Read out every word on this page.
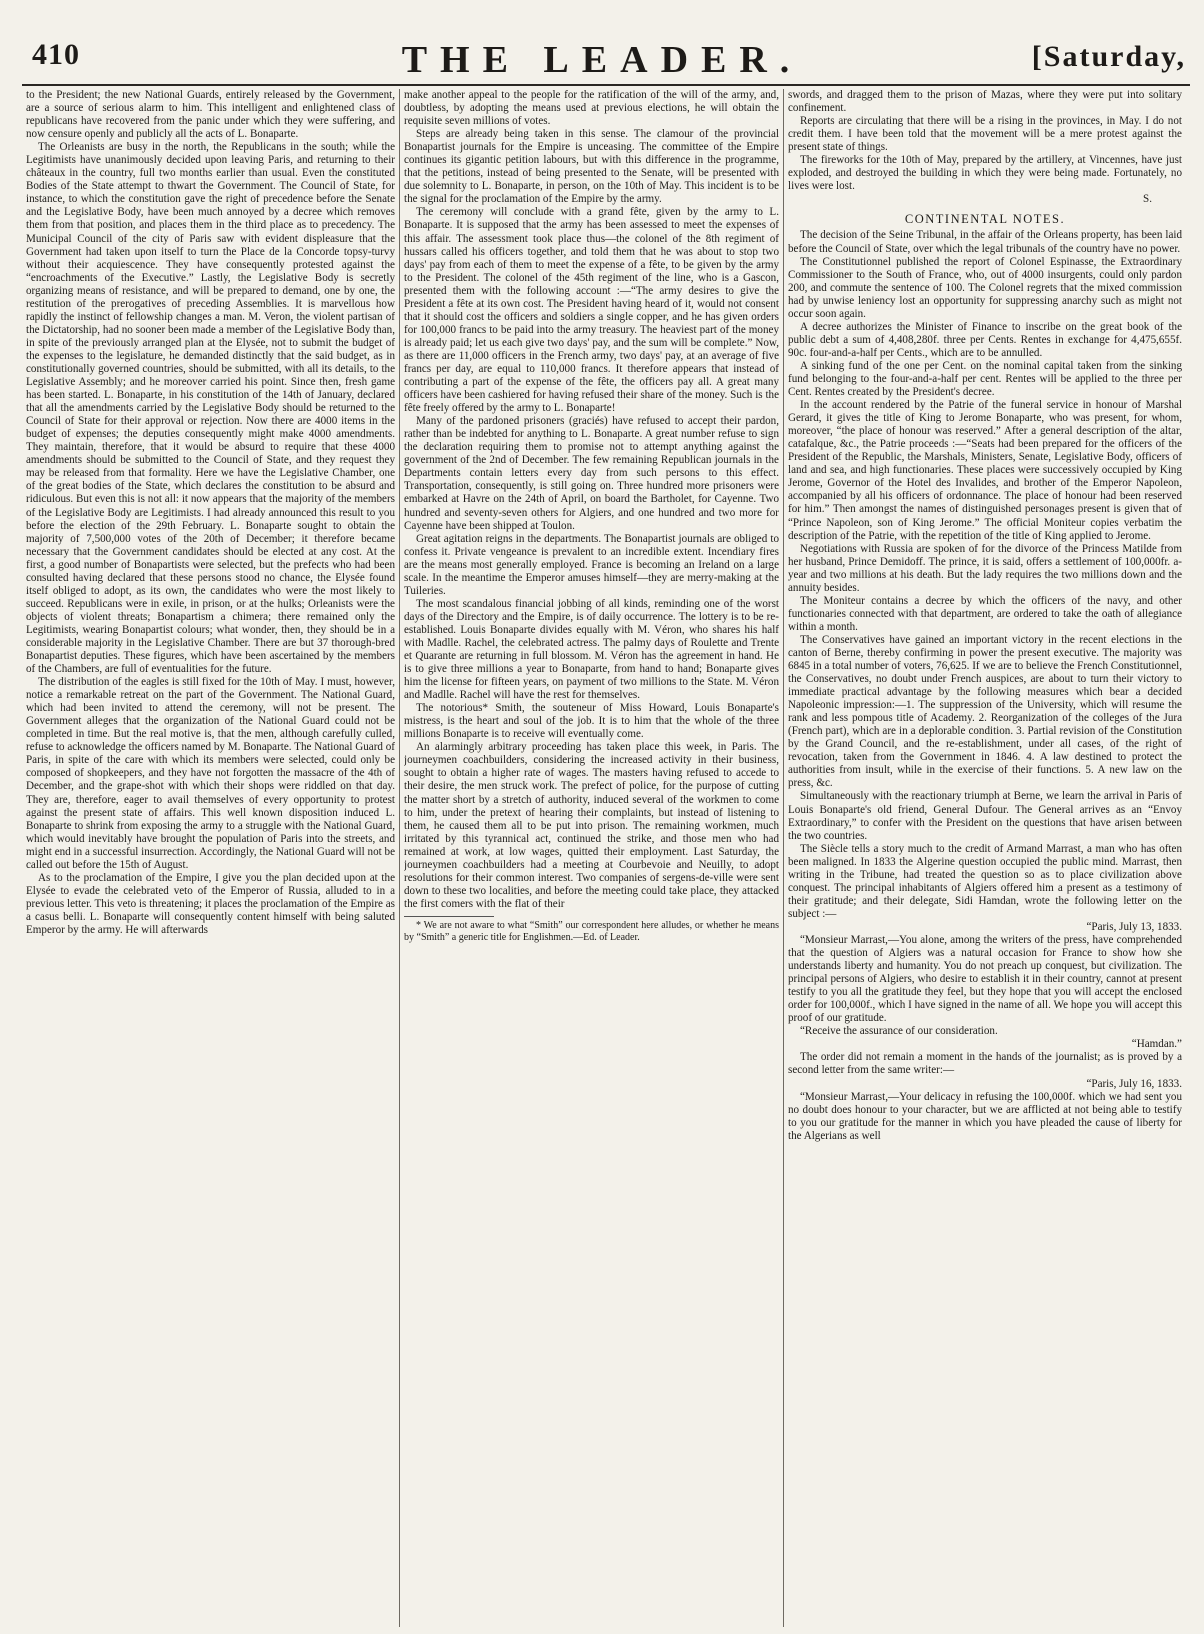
410	THE LEADER.	[Saturday,

to the President; the new National Guards, entirely released by the Government, are a source of serious alarm to him. This intelligent and enlightened class of republicans have recovered from the panic under which they were suffering, and now censure openly and publicly all the acts of L. Bonaparte.

The Orleanists are busy in the north, the Republicans in the south; while the Legitimists have unanimously decided upon leaving Paris, and returning to their châteaux in the country, full two months earlier than usual. Even the constituted Bodies of the State attempt to thwart the Government. The Council of State, for instance, to which the constitution gave the right of precedence before the Senate and the Legislative Body, have been much annoyed by a decree which removes them from that position, and places them in the third place as to precedency. The Municipal Council of the city of Paris saw with evident displeasure that the Government had taken upon itself to turn the Place de la Concorde topsy-turvy without their acquiescence. They have consequently protested against the “encroachments of the Executive.” Lastly, the Legislative Body is secretly organizing means of resistance, and will be prepared to demand, one by one, the restitution of the prerogatives of preceding Assemblies. It is marvellous how rapidly the instinct of fellowship changes a man. M. Veron, the violent partisan of the Dictatorship, had no sooner been made a member of the Legislative Body than, in spite of the previously arranged plan at the Elysée, not to submit the budget of the expenses to the legislature, he demanded distinctly that the said budget, as in constitutionally governed countries, should be submitted, with all its details, to the Legislative Assembly; and he moreover carried his point. Since then, fresh game has been started. L. Bonaparte, in his constitution of the 14th of January, declared that all the amendments carried by the Legislative Body should be returned to the Council of State for their approval or rejection. Now there are 4000 items in the budget of expenses; the deputies consequently might make 4000 amendments. They maintain, therefore, that it would be absurd to require that these 4000 amendments should be submitted to the Council of State, and they request they may be released from that formality. Here we have the Legislative Chamber, one of the great bodies of the State, which declares the constitution to be absurd and ridiculous. But even this is not all: it now appears that the majority of the members of the Legislative Body are Legitimists. I had already announced this result to you before the election of the 29th February. L. Bonaparte sought to obtain the majority of 7,500,000 votes of the 20th of December; it therefore became necessary that the Government candidates should be elected at any cost. At the first, a good number of Bonapartists were selected, but the prefects who had been consulted having declared that these persons stood no chance, the Elysée found itself obliged to adopt, as its own, the candidates who were the most likely to succeed. Republicans were in exile, in prison, or at the hulks; Orleanists were the objects of violent threats; Bonapartism a chimera; there remained only the Legitimists, wearing Bonapartist colours; what wonder, then, they should be in a considerable majority in the Legislative Chamber. There are but 37 thorough-bred Bonapartist deputies. These figures, which have been ascertained by the members of the Chambers, are full of eventualities for the future.

The distribution of the eagles is still fixed for the 10th of May. I must, however, notice a remarkable retreat on the part of the Government. The National Guard, which had been invited to attend the ceremony, will not be present. The Government alleges that the organization of the National Guard could not be completed in time. But the real motive is, that the men, although carefully culled, refuse to acknowledge the officers named by M. Bonaparte. The National Guard of Paris, in spite of the care with which its members were selected, could only be composed of shopkeepers, and they have not forgotten the massacre of the 4th of December, and the grape-shot with which their shops were riddled on that day. They are, therefore, eager to avail themselves of every opportunity to protest against the present state of affairs. This well known disposition induced L. Bonaparte to shrink from exposing the army to a struggle with the National Guard, which would inevitably have brought the population of Paris into the streets, and might end in a successful insurrection. Accordingly, the National Guard will not be called out before the 15th of August.

As to the proclamation of the Empire, I give you the plan decided upon at the Elysée to evade the celebrated veto of the Emperor of Russia, alluded to in a previous letter. This veto is threatening; it places the proclamation of the Empire as a casus belli. L. Bonaparte will consequently content himself with being saluted Emperor by the army. He will afterwards

make another appeal to the people for the ratification of the will of the army, and, doubtless, by adopting the means used at previous elections, he will obtain the requisite seven millions of votes.

Steps are already being taken in this sense. The clamour of the provincial Bonapartist journals for the Empire is unceasing. The committee of the Empire continues its gigantic petition labours, but with this difference in the programme, that the petitions, instead of being presented to the Senate, will be presented with due solemnity to L. Bonaparte, in person, on the 10th of May. This incident is to be the signal for the proclamation of the Empire by the army.

The ceremony will conclude with a grand fête, given by the army to L. Bonaparte. It is supposed that the army has been assessed to meet the expenses of this affair. The assessment took place thus—the colonel of the 8th regiment of hussars called his officers together, and told them that he was about to stop two days' pay from each of them to meet the expense of a fête, to be given by the army to the President. The colonel of the 45th regiment of the line, who is a Gascon, presented them with the following account :—“The army desires to give the President a fête at its own cost. The President having heard of it, would not consent that it should cost the officers and soldiers a single copper, and he has given orders for 100,000 francs to be paid into the army treasury. The heaviest part of the money is already paid; let us each give two days' pay, and the sum will be complete.” Now, as there are 11,000 officers in the French army, two days' pay, at an average of five francs per day, are equal to 110,000 francs. It therefore appears that instead of contributing a part of the expense of the fête, the officers pay all. A great many officers have been cashiered for having refused their share of the money. Such is the fête freely offered by the army to L. Bonaparte!

Many of the pardoned prisoners (graciés) have refused to accept their pardon, rather than be indebted for anything to L. Bonaparte. A great number refuse to sign the declaration requiring them to promise not to attempt anything against the government of the 2nd of December. The few remaining Republican journals in the Departments contain letters every day from such persons to this effect. Transportation, consequently, is still going on. Three hundred more prisoners were embarked at Havre on the 24th of April, on board the Bartholet, for Cayenne. Two hundred and seventy-seven others for Algiers, and one hundred and two more for Cayenne have been shipped at Toulon.

Great agitation reigns in the departments. The Bonapartist journals are obliged to confess it. Private vengeance is prevalent to an incredible extent. Incendiary fires are the means most generally employed. France is becoming an Ireland on a large scale. In the meantime the Emperor amuses himself—they are merry-making at the Tuileries.

The most scandalous financial jobbing of all kinds, reminding one of the worst days of the Directory and the Empire, is of daily occurrence. The lottery is to be re-established. Louis Bonaparte divides equally with M. Véron, who shares his half with Madlle. Rachel, the celebrated actress. The palmy days of Roulette and Trente et Quarante are returning in full blossom. M. Véron has the agreement in hand. He is to give three millions a year to Bonaparte, from hand to hand; Bonaparte gives him the license for fifteen years, on payment of two millions to the State. M. Véron and Madlle. Rachel will have the rest for themselves.

The notorious* Smith, the souteneur of Miss Howard, Louis Bonaparte's mistress, is the heart and soul of the job. It is to him that the whole of the three millions Bonaparte is to receive will eventually come.

An alarmingly arbitrary proceeding has taken place this week, in Paris. The journeymen coachbuilders, considering the increased activity in their business, sought to obtain a higher rate of wages. The masters having refused to accede to their desire, the men struck work. The prefect of police, for the purpose of cutting the matter short by a stretch of authority, induced several of the workmen to come to him, under the pretext of hearing their complaints, but instead of listening to them, he caused them all to be put into prison. The remaining workmen, much irritated by this tyrannical act, continued the strike, and those men who had remained at work, at low wages, quitted their employment. Last Saturday, the journeymen coachbuilders had a meeting at Courbevoie and Neuilly, to adopt resolutions for their common interest. Two companies of sergens-de-ville were sent down to these two localities, and before the meeting could take place, they attacked the first comers with the flat of their

* We are not aware to what “Smith” our correspondent here alludes, or whether he means by “Smith” a generic title for Englishmen.—Ed. of Leader.

swords, and dragged them to the prison of Mazas, where they were put into solitary confinement.

Reports are circulating that there will be a rising in the provinces, in May. I do not credit them. I have been told that the movement will be a mere protest against the present state of things.

The fireworks for the 10th of May, prepared by the artillery, at Vincennes, have just exploded, and destroyed the building in which they were being made. Fortunately, no lives were lost.

S.
CONTINENTAL NOTES.

The decision of the Seine Tribunal, in the affair of the Orleans property, has been laid before the Council of State, over which the legal tribunals of the country have no power.

The Constitutionnel published the report of Colonel Espinasse, the Extraordinary Commissioner to the South of France, who, out of 4000 insurgents, could only pardon 200, and commute the sentence of 100. The Colonel regrets that the mixed commission had by unwise leniency lost an opportunity for suppressing anarchy such as might not occur soon again.

A decree authorizes the Minister of Finance to inscribe on the great book of the public debt a sum of 4,408,280f. three per Cents. Rentes in exchange for 4,475,655f. 90c. four-and-a-half per Cents., which are to be annulled.

A sinking fund of the one per Cent. on the nominal capital taken from the sinking fund belonging to the four-and-a-half per cent. Rentes will be applied to the three per Cent. Rentes created by the President's decree.

In the account rendered by the Patrie of the funeral service in honour of Marshal Gerard, it gives the title of King to Jerome Bonaparte, who was present, for whom, moreover, “the place of honour was reserved.” After a general description of the altar, catafalque, &c., the Patrie proceeds :—“Seats had been prepared for the officers of the President of the Republic, the Marshals, Ministers, Senate, Legislative Body, officers of land and sea, and high functionaries. These places were successively occupied by King Jerome, Governor of the Hotel des Invalides, and brother of the Emperor Napoleon, accompanied by all his officers of ordonnance. The place of honour had been reserved for him.” Then amongst the names of distinguished personages present is given that of “Prince Napoleon, son of King Jerome.” The official Moniteur copies verbatim the description of the Patrie, with the repetition of the title of King applied to Jerome.

Negotiations with Russia are spoken of for the divorce of the Princess Matilde from her husband, Prince Demidoff. The prince, it is said, offers a settlement of 100,000fr. a-year and two millions at his death. But the lady requires the two millions down and the annuity besides.

The Moniteur contains a decree by which the officers of the navy, and other functionaries connected with that department, are ordered to take the oath of allegiance within a month.

The Conservatives have gained an important victory in the recent elections in the canton of Berne, thereby confirming in power the present executive. The majority was 6845 in a total number of voters, 76,625. If we are to believe the French Constitutionnel, the Conservatives, no doubt under French auspices, are about to turn their victory to immediate practical advantage by the following measures which bear a decided Napoleonic impression:—1. The suppression of the University, which will resume the rank and less pompous title of Academy. 2. Reorganization of the colleges of the Jura (French part), which are in a deplorable condition. 3. Partial revision of the Constitution by the Grand Council, and the re-establishment, under all cases, of the right of revocation, taken from the Government in 1846. 4. A law destined to protect the authorities from insult, while in the exercise of their functions. 5. A new law on the press, &c.

Simultaneously with the reactionary triumph at Berne, we learn the arrival in Paris of Louis Bonaparte's old friend, General Dufour. The General arrives as an “Envoy Extraordinary,” to confer with the President on the questions that have arisen between the two countries.

The Siècle tells a story much to the credit of Armand Marrast, a man who has often been maligned. In 1833 the Algerine question occupied the public mind. Marrast, then writing in the Tribune, had treated the question so as to place civilization above conquest. The principal inhabitants of Algiers offered him a present as a testimony of their gratitude; and their delegate, Sidi Hamdan, wrote the following letter on the subject :—

“Paris, July 13, 1833.

“Monsieur Marrast,—You alone, among the writers of the press, have comprehended that the question of Algiers was a natural occasion for France to show how she understands liberty and humanity. You do not preach up conquest, but civilization. The principal persons of Algiers, who desire to establish it in their country, cannot at present testify to you all the gratitude they feel, but they hope that you will accept the enclosed order for 100,000f., which I have signed in the name of all. We hope you will accept this proof of our gratitude.

“Receive the assurance of our consideration.

“Hamdan.”

The order did not remain a moment in the hands of the journalist; as is proved by a second letter from the same writer:—

“Paris, July 16, 1833.

“Monsieur Marrast,—Your delicacy in refusing the 100,000f. which we had sent you no doubt does honour to your character, but we are afflicted at not being able to testify to you our gratitude for the manner in which you have pleaded the cause of liberty for the Algerians as well
